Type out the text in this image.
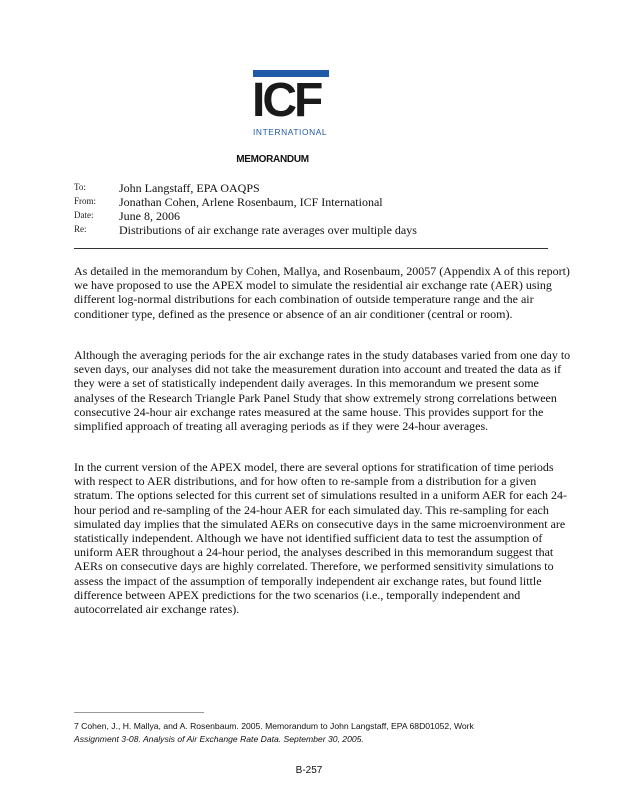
ICF
INTERNATIONAL
MEMORANDUM
To:	John Langstaff, EPA OAQPS
From:	Jonathan Cohen, Arlene Rosenbaum, ICF International
Date:	June 8, 2006
Re:	Distributions of air exchange rate averages over multiple days

As detailed in the memorandum by Cohen, Mallya, and Rosenbaum, 20057 (Appendix A of this report) we have proposed to use the APEX model to simulate the residential air exchange rate (AER) using different log-normal distributions for each combination of outside temperature range and the air conditioner type, defined as the presence or absence of an air conditioner (central or room).

Although the averaging periods for the air exchange rates in the study databases varied from one day to seven days, our analyses did not take the measurement duration into account and treated the data as if they were a set of statistically independent daily averages. In this memorandum we present some analyses of the Research Triangle Park Panel Study that show extremely strong correlations between consecutive 24-hour air exchange rates measured at the same house. This provides support for the simplified approach of treating all averaging periods as if they were 24-hour averages.

In the current version of the APEX model, there are several options for stratification of time periods with respect to AER distributions, and for how often to re-sample from a distribution for a given stratum. The options selected for this current set of simulations resulted in a uniform AER for each 24-hour period and re-sampling of the 24-hour AER for each simulated day. This re-sampling for each simulated day implies that the simulated AERs on consecutive days in the same microenvironment are statistically independent. Although we have not identified sufficient data to test the assumption of uniform AER throughout a 24-hour period, the analyses described in this memorandum suggest that AERs on consecutive days are highly correlated. Therefore, we performed sensitivity simulations to assess the impact of the assumption of temporally independent air exchange rates, but found little difference between APEX predictions for the two scenarios (i.e., temporally independent and autocorrelated air exchange rates).

7 Cohen, J., H. Mallya, and A. Rosenbaum. 2005. Memorandum to John Langstaff, EPA 68D01052, Work

Assignment 3-08. Analysis of Air Exchange Rate Data. September 30, 2005.

B-257
